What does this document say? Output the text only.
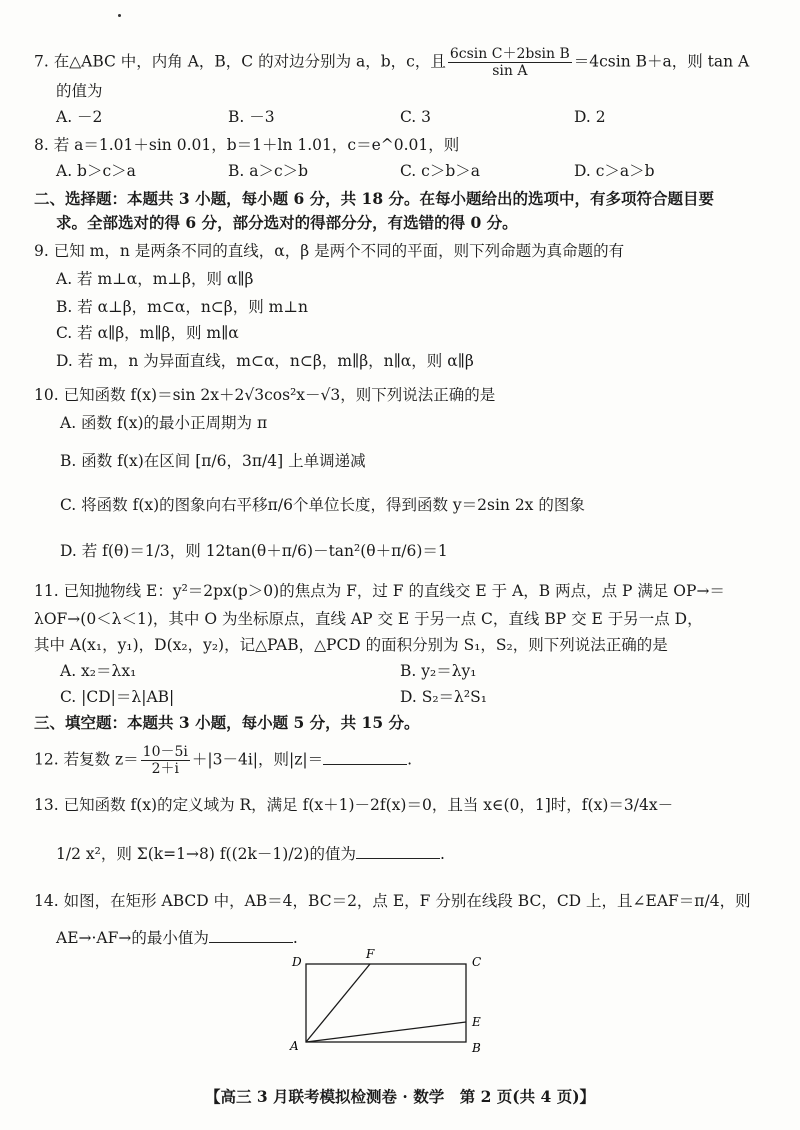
7. 在△ABC 中，内角 A，B，C 的对边分别为 a，b，c，且 $\frac{\text{6csin C＋2bsin B}}{\text{sin A}} =4csin$ B＋a，则 tan A
的值为
A. －2	B. －3	C. 3	D. 2
8. 若 a＝1.01＋sin 0.01，b＝1＋ln 1.01，c＝e^0.01，则
A. b＞c＞a	B. a＞c＞b	C. c＞b＞a	D. c＞a＞b
二、选择题：本题共 3 小题，每小题 6 分，共 18 分。在每小题给出的选项中，有多项符合题目要
求。全部选对的得 6 分，部分选对的得部分分，有选错的得 0 分。
9. 已知 m，n 是两条不同的直线，α，β 是两个不同的平面，则下列命题为真命题的有
A. 若 m⊥α，m⊥β，则 α∥β
B. 若 α⊥β，m⊂α，n⊂β，则 m⊥n
C. 若 α∥β，m∥β，则 m∥α
D. 若 m，n 为异面直线，m⊂α，n⊂β，m∥β，n∥α，则 α∥β
10. 已知函数 f(x)＝sin 2x＋2√3cos²x－√3，则下列说法正确的是
A. 函数 f(x)的最小正周期为 π
B. 函数 f(x)在区间 [π/6，3π/4] 上单调递减
C. 将函数 f(x)的图象向右平移π/6个单位长度，得到函数 y＝2sin 2x 的图象
D. 若 f(θ)＝1/3，则 12tan(θ＋π/6)－tan²(θ＋π/6)＝1
11. 已知抛物线 E：y²＝2px(p＞0)的焦点为 F，过 F 的直线交 E 于 A，B 两点，点 P 满足 OP→＝
λOF→(0＜λ＜1)，其中 O 为坐标原点，直线 AP 交 E 于另一点 C，直线 BP 交 E 于另一点 D，
其中 A(x₁，y₁)，D(x₂，y₂)，记△PAB，△PCD 的面积分别为 S₁，S₂，则下列说法正确的是
A. x₂＝λx₁	B. y₂＝λy₁
C. |CD|＝λ|AB|	D. S₂＝λ²S₁
三、填空题：本题共 3 小题，每小题 5 分，共 15 分。
12. 若复数 $z= \frac{10-5i}{2+i} +|3-4i|$，则|z|＝	.
13. 已知函数 f(x)的定义域为 R，满足 f(x＋1)－2f(x)＝0，且当 x∈(0，1]时，f(x)＝3/4x－
1/2 x²，则 Σ(k=1→8) f((2k－1)/2)的值为	.
14. 如图，在矩形 ABCD 中，AB＝4，BC＝2，点 E，F 分别在线段 BC，CD 上，且∠EAF＝π/4，则
AE→·AF→的最小值为	.
A	B
C
D
E
F
【高三 3 月联考模拟检测卷 · 数学　第 2 页(共 4 页)】
